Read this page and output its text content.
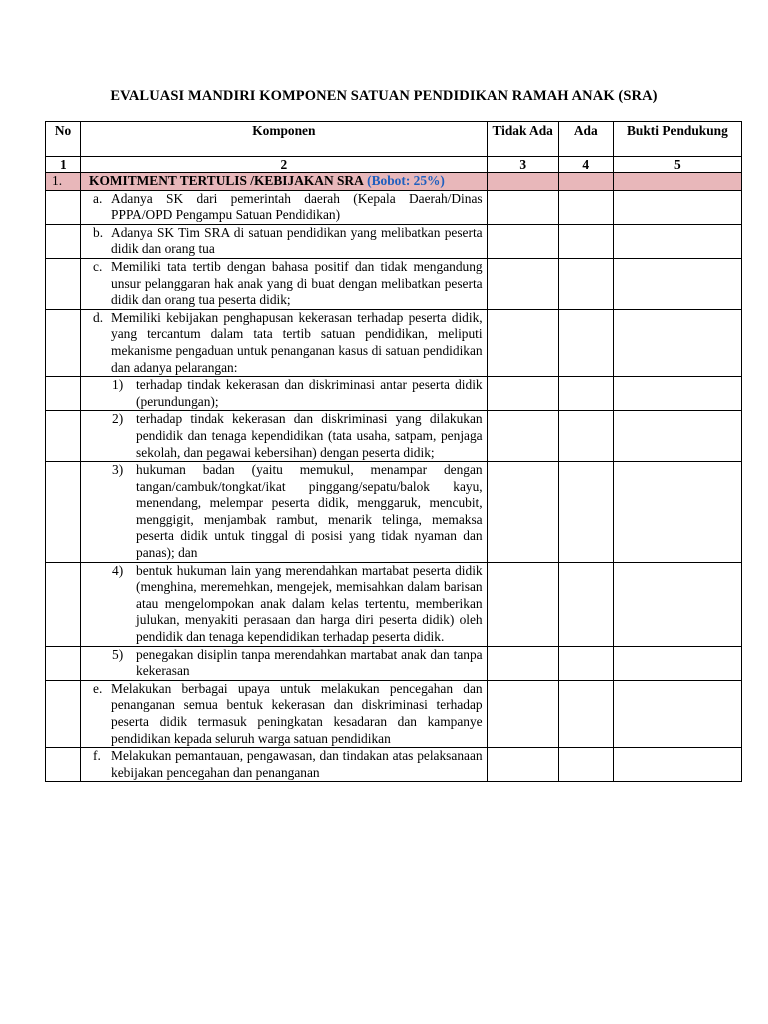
EVALUASI MANDIRI KOMPONEN SATUAN PENDIDIKAN RAMAH ANAK (SRA)
No	Komponen	Tidak Ada	Ada	Bukti Pendukung
1	2	3	4	5
1.	KOMITMENT TERTULIS /KEBIJAKAN SRA (Bobot: 25%)			

	a. Adanya SK dari pemerintah daerah (Kepala Daerah/Dinas PPPA/OPD Pengampu Satuan Pendidikan)			

	b. Adanya SK Tim SRA di satuan pendidikan yang melibatkan peserta didik dan orang tua			

	c. Memiliki tata tertib dengan bahasa positif dan tidak mengandung unsur pelanggaran hak anak yang di buat dengan melibatkan peserta didik dan orang tua peserta didik;			

	d. Memiliki kebijakan penghapusan kekerasan terhadap peserta didik, yang tercantum dalam tata tertib satuan pendidikan, meliputi mekanisme pengaduan untuk penanganan kasus di satuan pendidikan dan adanya pelarangan:			

	1) terhadap tindak kekerasan dan diskriminasi antar peserta didik (perundungan);			

	2) terhadap tindak kekerasan dan diskriminasi yang dilakukan pendidik dan tenaga kependidikan (tata usaha, satpam, penjaga sekolah, dan pegawai kebersihan) dengan peserta didik;			

	3) hukuman badan (yaitu memukul, menampar dengan tangan/cambuk/tongkat/ikat pinggang/sepatu/balok kayu, menendang, melempar peserta didik, menggaruk, mencubit, menggigit, menjambak rambut, menarik telinga, memaksa peserta didik untuk tinggal di posisi yang tidak nyaman dan panas); dan			

	4) bentuk hukuman lain yang merendahkan martabat peserta didik (menghina, meremehkan, mengejek, memisahkan dalam barisan atau mengelompokan anak dalam kelas tertentu, memberikan julukan, menyakiti perasaan dan harga diri peserta didik) oleh pendidik dan tenaga kependidikan terhadap peserta didik.			

	5) penegakan disiplin tanpa merendahkan martabat anak dan tanpa kekerasan			

	e. Melakukan berbagai upaya untuk melakukan pencegahan dan penanganan semua bentuk kekerasan dan diskriminasi terhadap peserta didik termasuk peningkatan kesadaran dan kampanye pendidikan kepada seluruh warga satuan pendidikan			

	f. Melakukan pemantauan, pengawasan, dan tindakan atas pelaksanaan kebijakan pencegahan dan penanganan			
